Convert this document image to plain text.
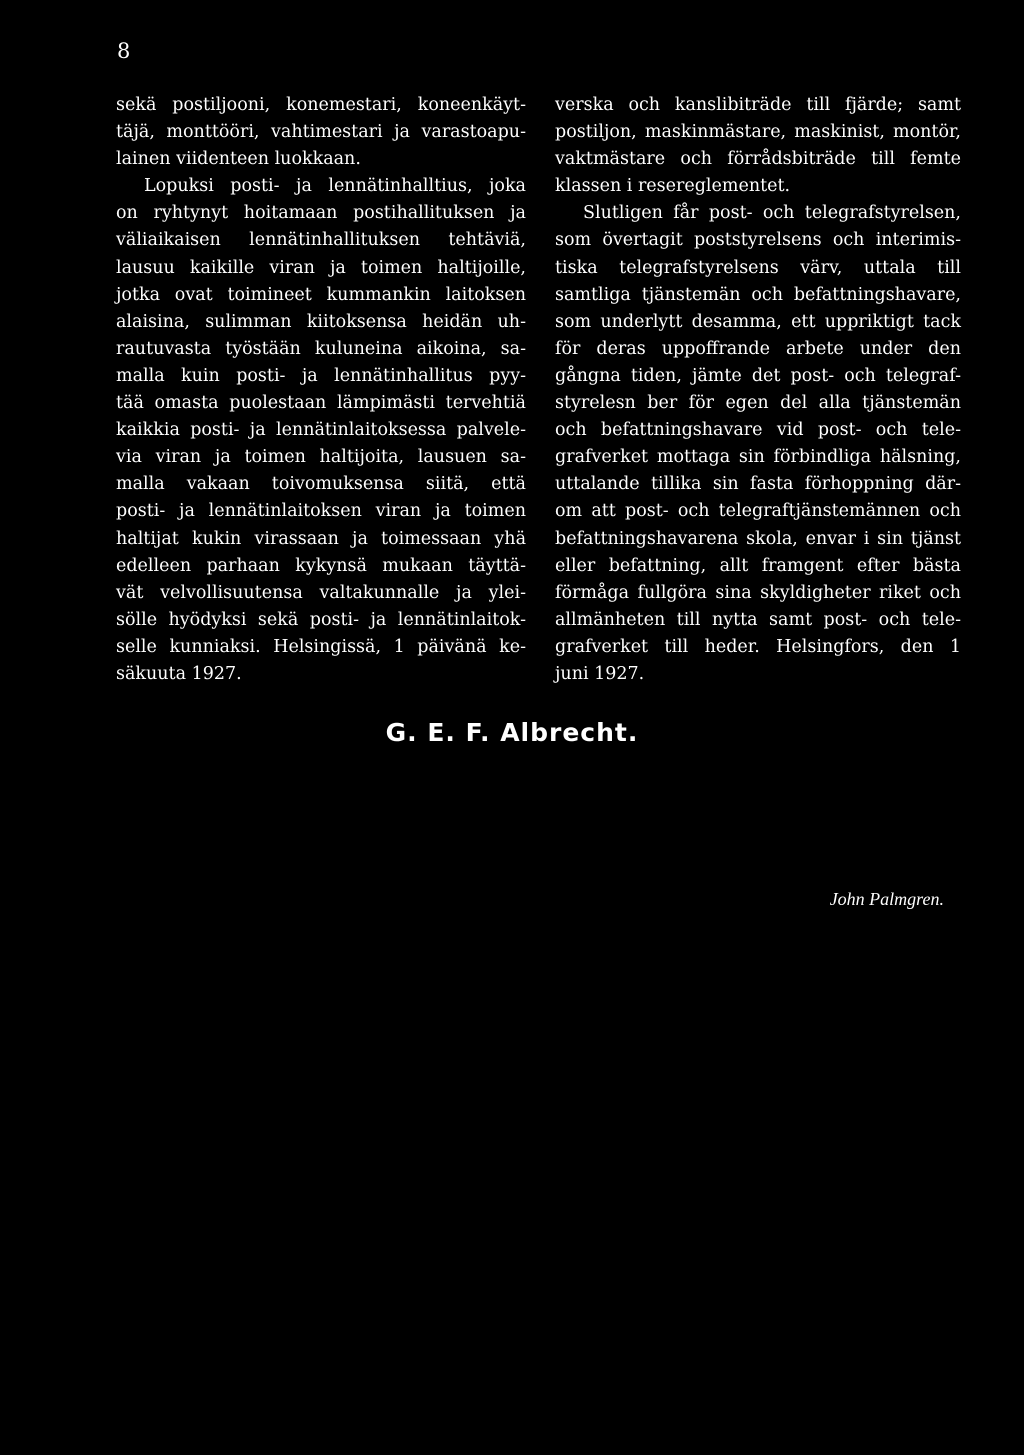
8
sekä postiljooni, konemestari, koneenkäyt-
täjä, monttööri, vahtimestari ja varastoapu-
lainen viidenteen luokkaan.
Lopuksi posti- ja lennätinhalltius, joka
on ryhtynyt hoitamaan postihallituksen ja
väliaikaisen lennätinhallituksen tehtäviä,
lausuu kaikille viran ja toimen haltijoille,
jotka ovat toimineet kummankin laitoksen
alaisina, sulimman kiitoksensa heidän uh-
rautuvasta työstään kuluneina aikoina, sa-
malla kuin posti- ja lennätinhallitus pyy-
tää omasta puolestaan lämpimästi tervehtiä
kaikkia posti- ja lennätinlaitoksessa palvele-
via viran ja toimen haltijoita, lausuen sa-
malla vakaan toivomuksensa siitä, että
posti- ja lennätinlaitoksen viran ja toimen
haltijat kukin virassaan ja toimessaan yhä
edelleen parhaan kykynsä mukaan täyttä-
vät velvollisuutensa valtakunnalle ja ylei-
sölle hyödyksi sekä posti- ja lennätinlaitok-
selle kunniaksi. Helsingissä, 1 päivänä ke-
säkuuta 1927.
verska och kanslibiträde till fjärde; samt
postiljon, maskinmästare, maskinist, montör,
vaktmästare och förrådsbiträde till femte
klassen i resereglementet.
Slutligen får post- och telegrafstyrelsen,
som övertagit poststyrelsens och interimis-
tiska telegrafstyrelsens värv, uttala till
samtliga tjänstemän och befattningshavare,
som underlytt desamma, ett uppriktigt tack
för deras uppoffrande arbete under den
gångna tiden, jämte det post- och telegraf-
styrelesn ber för egen del alla tjänstemän
och befattningshavare vid post- och tele-
grafverket mottaga sin förbindliga hälsning,
uttalande tillika sin fasta förhoppning där-
om att post- och telegraftjänstemännen och
befattningshavarena skola, envar i sin tjänst
eller befattning, allt framgent efter bästa
förmåga fullgöra sina skyldigheter riket och
allmänheten till nytta samt post- och tele-
grafverket till heder. Helsingfors, den 1
juni 1927.
G. E. F. Albrecht.
John Palmgren.
